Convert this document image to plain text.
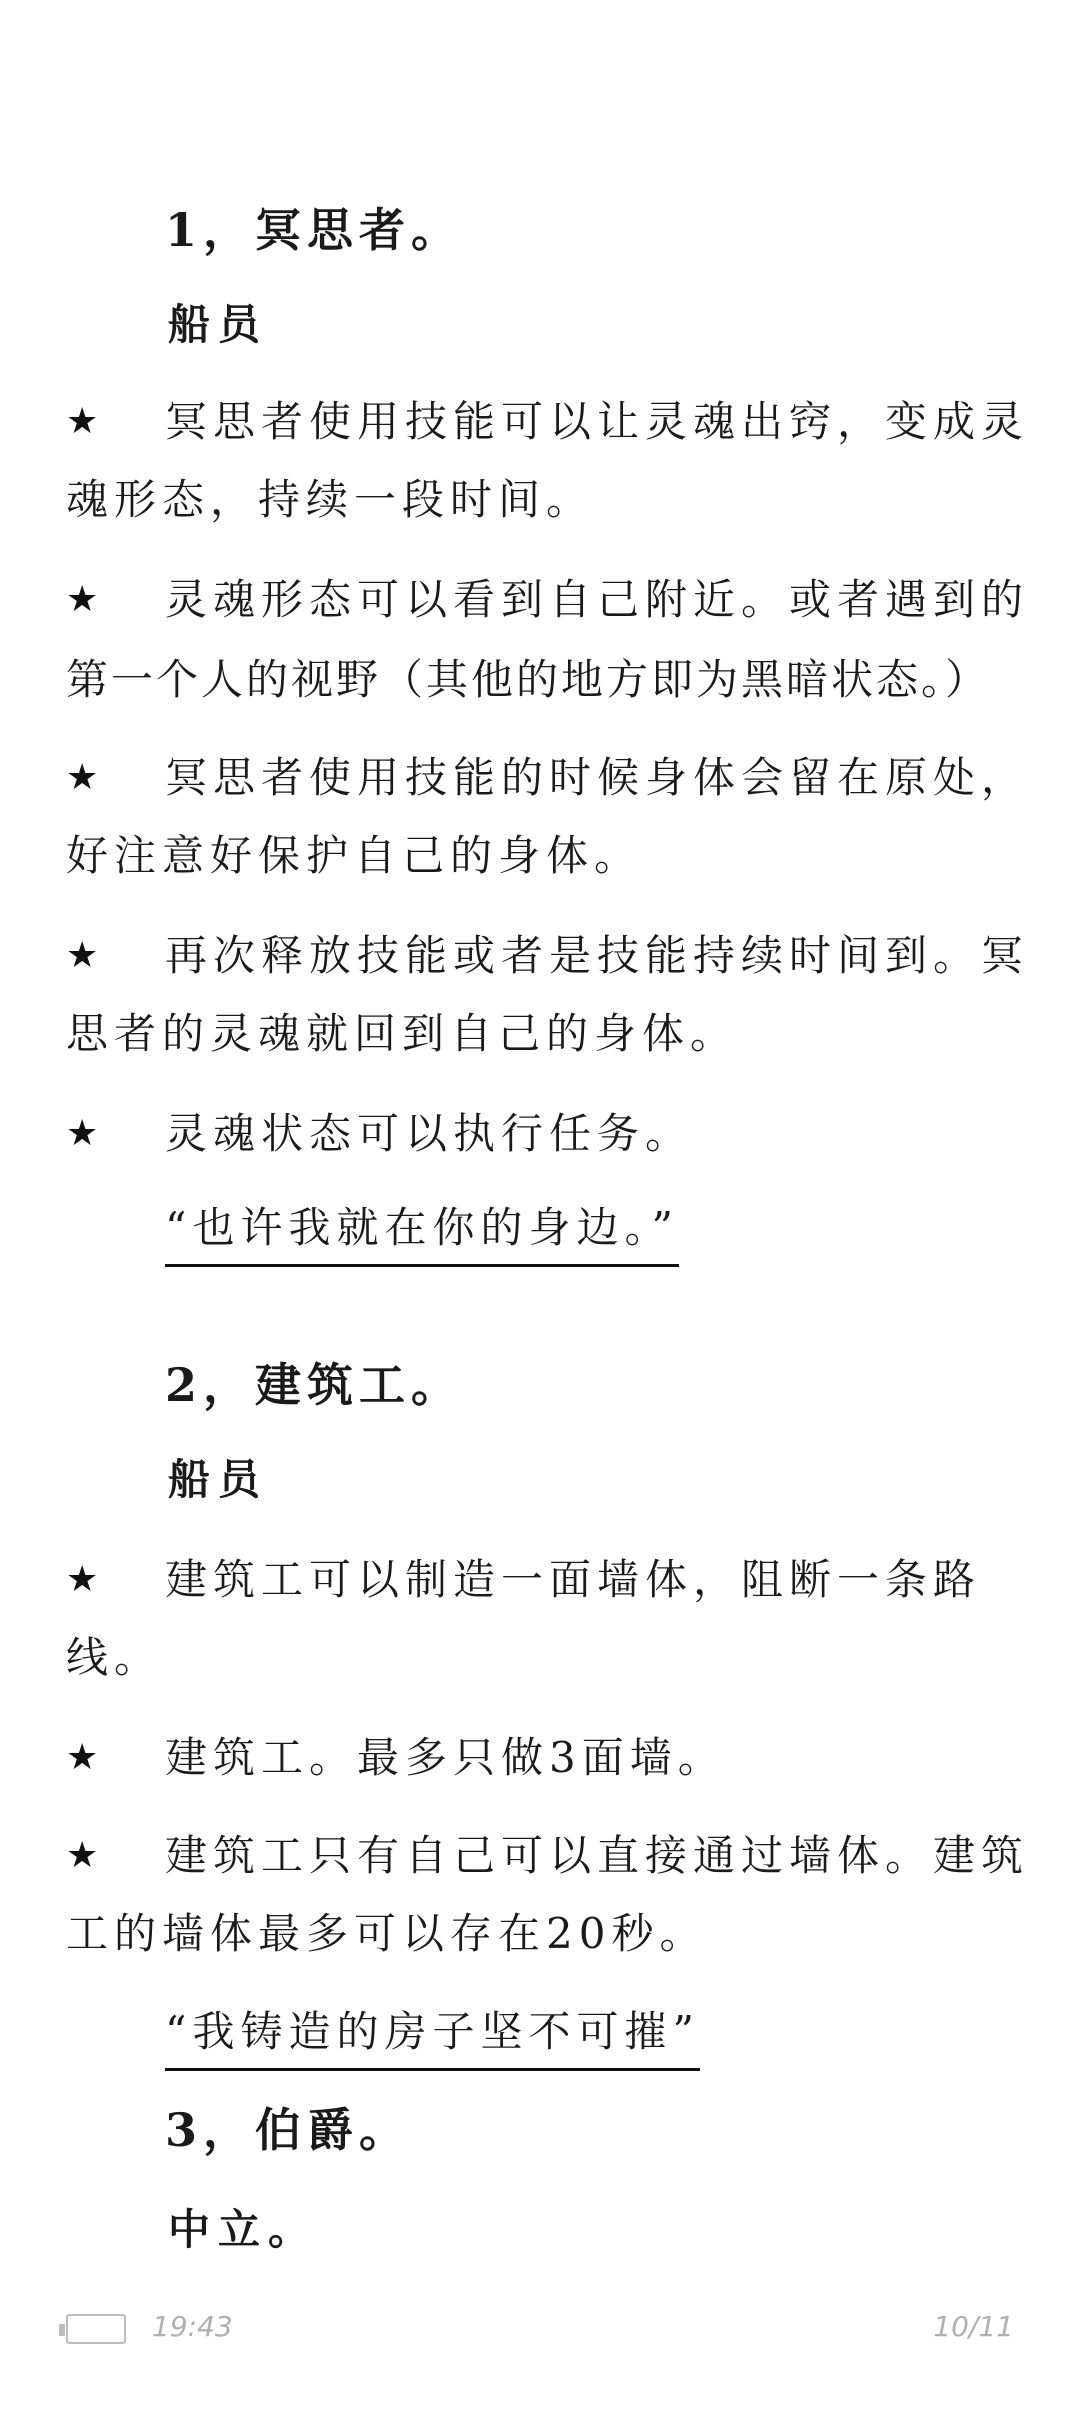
1，冥思者。
船员
★ 冥思者使用技能可以让灵魂出窍，变成灵
魂形态，持续一段时间。
★ 灵魂形态可以看到自己附近。或者遇到的
第一个人的视野（其他的地方即为黑暗状态。）
★ 冥思者使用技能的时候身体会留在原处，
好注意好保护自己的身体。
★ 再次释放技能或者是技能持续时间到。冥
思者的灵魂就回到自己的身体。
★ 灵魂状态可以执行任务。
“也许我就在你的身边。”
2，建筑工。
船员
★ 建筑工可以制造一面墙体，阻断一条路
线。
★ 建筑工。最多只做3面墙。
★ 建筑工只有自己可以直接通过墙体。建筑
工的墙体最多可以存在20秒。
“我铸造的房子坚不可摧”
3，伯爵。
中立。
19:43	10/11
